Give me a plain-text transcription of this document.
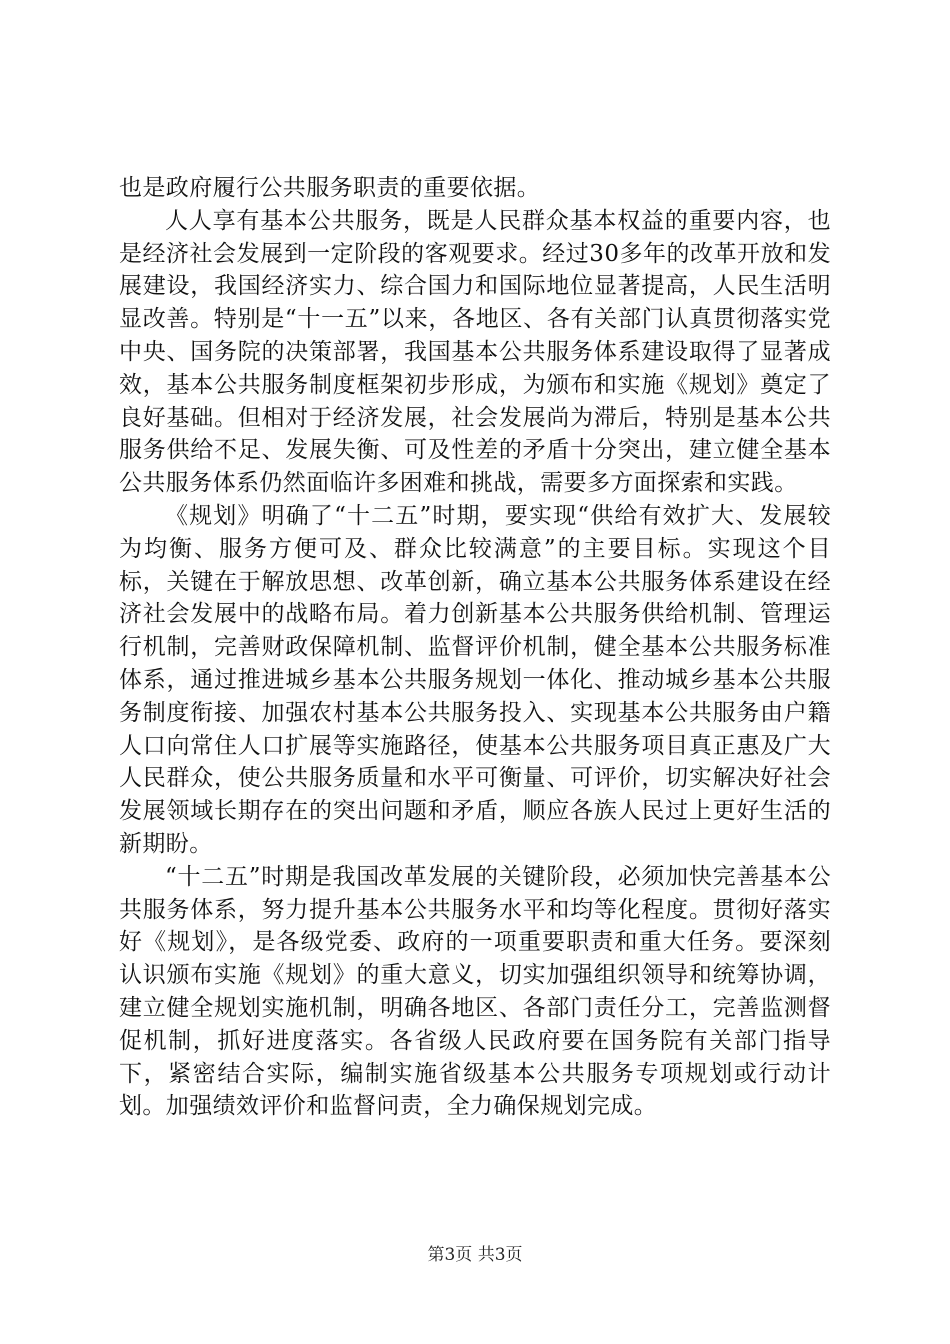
也是政府履行公共服务职责的重要依据。

人人享有基本公共服务，既是人民群众基本权益的重要内容，也是经济社会发展到一定阶段的客观要求。经过30多年的改革开放和发展建设，我国经济实力、综合国力和国际地位显著提高，人民生活明显改善。特别是“十一五”以来，各地区、各有关部门认真贯彻落实党中央、国务院的决策部署，我国基本公共服务体系建设取得了显著成效，基本公共服务制度框架初步形成，为颁布和实施《规划》奠定了良好基础。但相对于经济发展，社会发展尚为滞后，特别是基本公共服务供给不足、发展失衡、可及性差的矛盾十分突出，建立健全基本公共服务体系仍然面临许多困难和挑战，需要多方面探索和实践。

《规划》明确了“十二五”时期，要实现“供给有效扩大、发展较为均衡、服务方便可及、群众比较满意”的主要目标。实现这个目标，关键在于解放思想、改革创新，确立基本公共服务体系建设在经济社会发展中的战略布局。着力创新基本公共服务供给机制、管理运行机制，完善财政保障机制、监督评价机制，健全基本公共服务标准体系，通过推进城乡基本公共服务规划一体化、推动城乡基本公共服务制度衔接、加强农村基本公共服务投入、实现基本公共服务由户籍人口向常住人口扩展等实施路径，使基本公共服务项目真正惠及广大人民群众，使公共服务质量和水平可衡量、可评价，切实解决好社会发展领域长期存在的突出问题和矛盾，顺应各族人民过上更好生活的新期盼。

“十二五”时期是我国改革发展的关键阶段，必须加快完善基本公共服务体系，努力提升基本公共服务水平和均等化程度。贯彻好落实好《规划》，是各级党委、政府的一项重要职责和重大任务。要深刻认识颁布实施《规划》的重大意义，切实加强组织领导和统筹协调，建立健全规划实施机制，明确各地区、各部门责任分工，完善监测督促机制，抓好进度落实。各省级人民政府要在国务院有关部门指导下，紧密结合实际，编制实施省级基本公共服务专项规划或行动计划。加强绩效评价和监督问责，全力确保规划完成。

第3页 共3页
